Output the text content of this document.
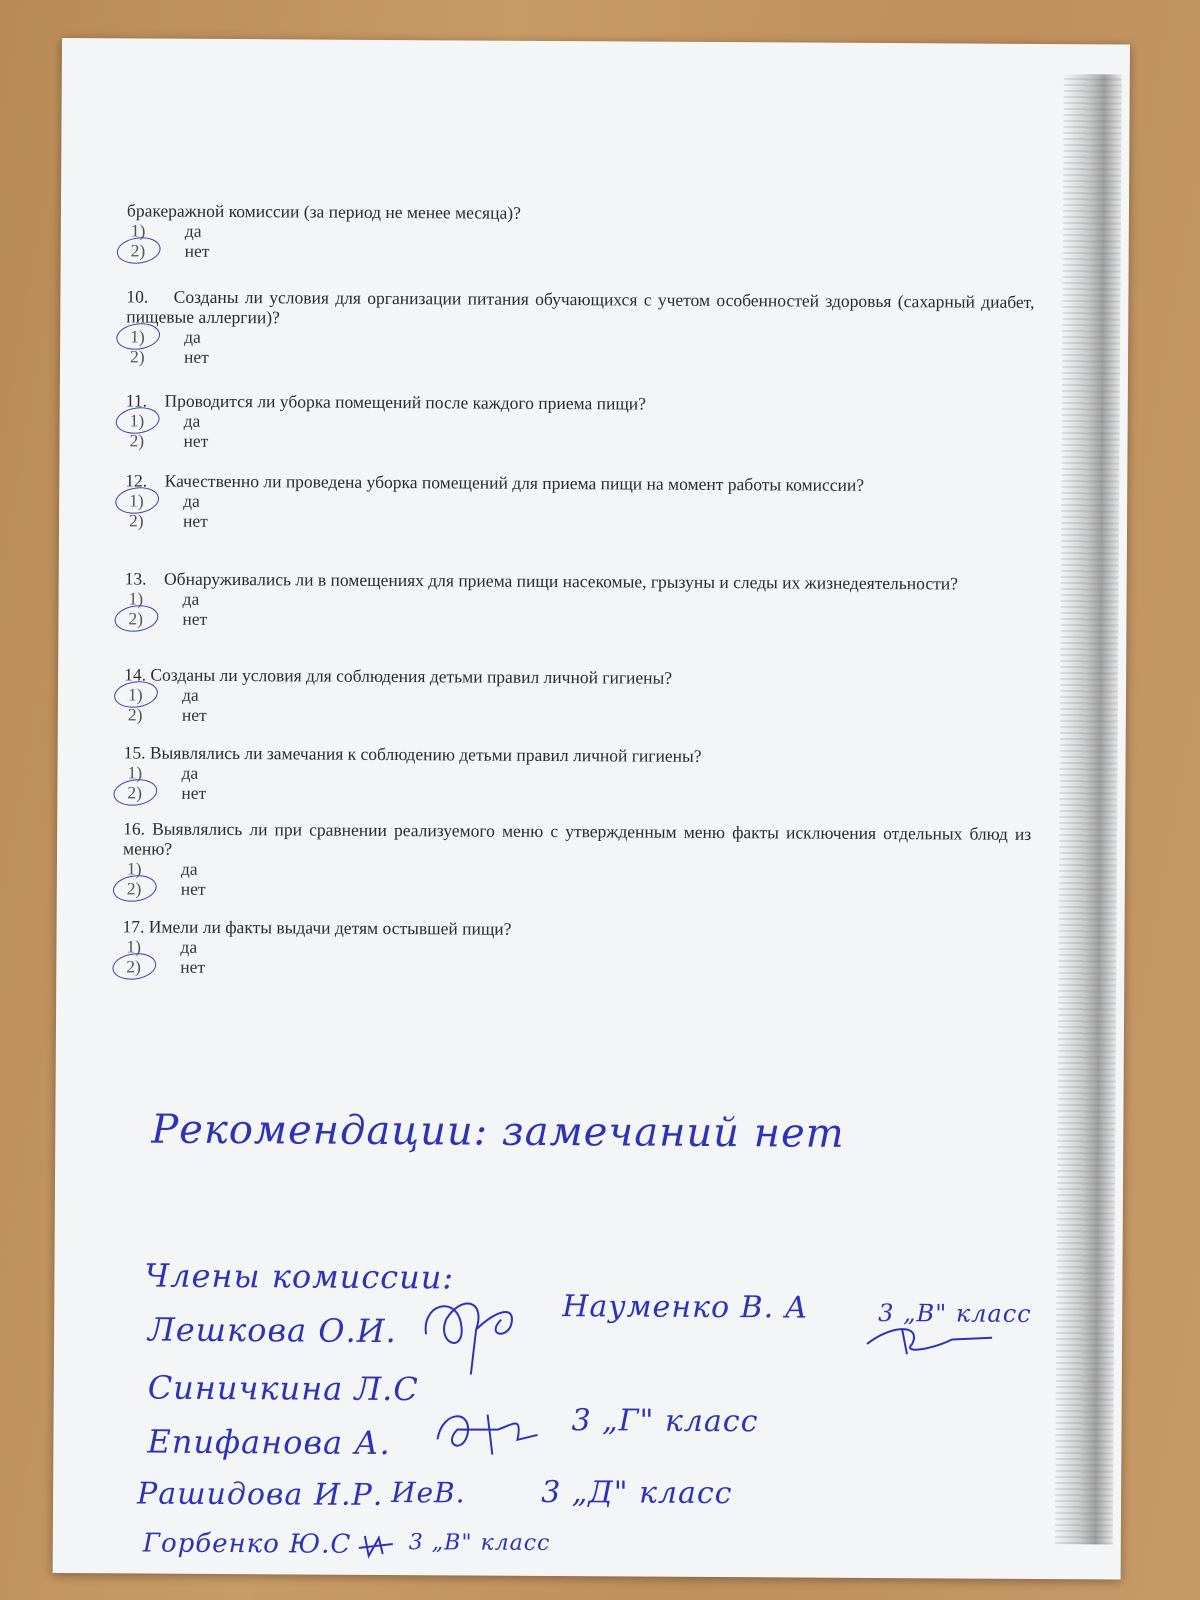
бракеражной комиссии (за период не менее месяца)?
1) да
2) нет
10.    Созданы ли условия для организации питания обучающихся с учетом особенностей здоровья (сахарный диабет, пищевые аллергии)?
1) да
2) нет
11.    Проводится ли уборка помещений после каждого приема пищи?
1) да
2) нет
12.    Качественно ли проведена уборка помещений для приема пищи на момент работы комиссии?
1) да
2) нет
13.    Обнаруживались ли в помещениях для приема пищи насекомые, грызуны и следы их жизнедеятельности?
1) да
2) нет
14. Созданы ли условия для соблюдения детьми правил личной гигиены?
1) да
2) нет
15. Выявлялись ли замечания к соблюдению детьми правил личной гигиены?
1) да
2) нет
16. Выявлялись ли при сравнении реализуемого меню с утвержденным меню факты исключения отдельных блюд из меню?
1) да
2) нет
17. Имели ли факты выдачи детям остывшей пищи?
1) да
2) нет
Рекомендации: замечаний нет
Члены комиссии:
Лешкова О.И.
Науменко В. А	3 „В" класс
Синичкина Л.С
Епифанова А.
3 „Г" класс
Рашидова И.Р. ИеВ.	3 „Д" класс
Горбенко Ю.С	3 „В" класс
